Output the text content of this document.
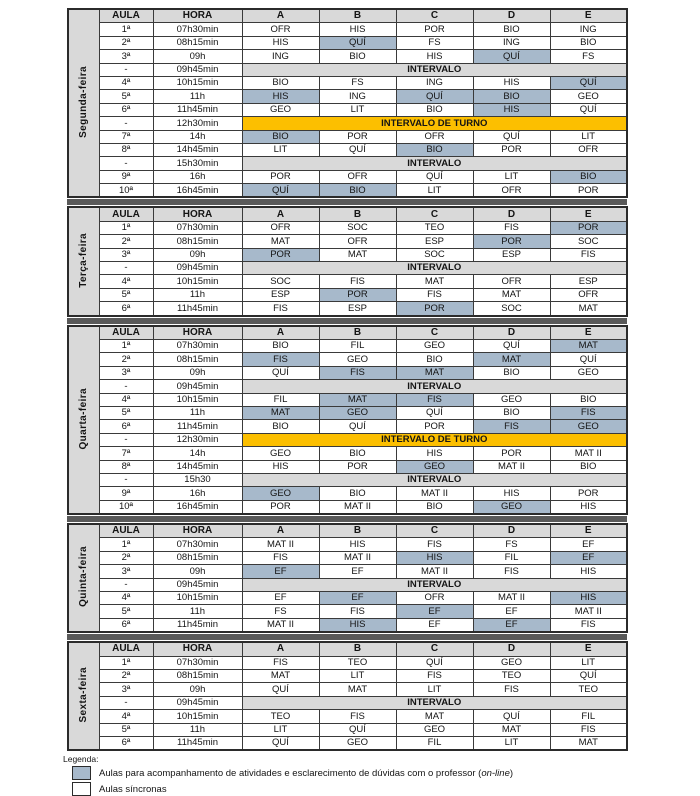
Segunda-feira	AULA	HORA	A	B	C	D	E
	1ª	07h30min	OFR	HIS	POR	BIO	ING
	2ª	08h15min	HIS	QUÍ	FS	ING	BIO
	3ª	09h	ING	BIO	HIS	QUÍ	FS
	-	09h45min	INTERVALO				
	4ª	10h15min	BIO	FS	ING	HIS	QUÍ
	5ª	11h	HIS	ING	QUÍ	BIO	GEO
	6ª	11h45min	GEO	LIT	BIO	HIS	QUÍ
	-	12h30min	INTERVALO DE TURNO				
	7ª	14h	BIO	POR	OFR	QUÍ	LIT
	8ª	14h45min	LIT	QUÍ	BIO	POR	OFR
	-	15h30min	INTERVALO				
	9ª	16h	POR	OFR	QUÍ	LIT	BIO
	10ª	16h45min	QUÍ	BIO	LIT	OFR	POR
Terça-feira	AULA	HORA	A	B	C	D	E
	1ª	07h30min	OFR	SOC	TEO	FIS	POR
	2ª	08h15min	MAT	OFR	ESP	POR	SOC
	3ª	09h	POR	MAT	SOC	ESP	FIS
	-	09h45min	INTERVALO				
	4ª	10h15min	SOC	FIS	MAT	OFR	ESP
	5ª	11h	ESP	POR	FIS	MAT	OFR
	6ª	11h45min	FIS	ESP	POR	SOC	MAT
Quarta-feira	AULA	HORA	A	B	C	D	E
	1ª	07h30min	BIO	FIL	GEO	QUÍ	MAT
	2ª	08h15min	FIS	GEO	BIO	MAT	QUÍ
	3ª	09h	QUÍ	FIS	MAT	BIO	GEO
	-	09h45min	INTERVALO				
	4ª	10h15min	FIL	MAT	FIS	GEO	BIO
	5ª	11h	MAT	GEO	QUÍ	BIO	FIS
	6ª	11h45min	BIO	QUÍ	POR	FIS	GEO
	-	12h30min	INTERVALO DE TURNO				
	7ª	14h	GEO	BIO	HIS	POR	MAT II
	8ª	14h45min	HIS	POR	GEO	MAT II	BIO
	-	15h30	INTERVALO				
	9ª	16h	GEO	BIO	MAT II	HIS	POR
	10ª	16h45min	POR	MAT II	BIO	GEO	HIS
Quinta-feira	AULA	HORA	A	B	C	D	E
	1ª	07h30min	MAT II	HIS	FIS	FS	EF
	2ª	08h15min	FIS	MAT II	HIS	FIL	EF
	3ª	09h	EF	EF	MAT II	FIS	HIS
	-	09h45min	INTERVALO				
	4ª	10h15min	EF	EF	OFR	MAT II	HIS
	5ª	11h	FS	FIS	EF	EF	MAT II
	6ª	11h45min	MAT II	HIS	EF	EF	FIS
Sexta-feira	AULA	HORA	A	B	C	D	E
	1ª	07h30min	FIS	TEO	QUÍ	GEO	LIT
	2ª	08h15min	MAT	LIT	FIS	TEO	QUÍ
	3ª	09h	QUÍ	MAT	LIT	FIS	TEO
	-	09h45min	INTERVALO				
	4ª	10h15min	TEO	FIS	MAT	QUÍ	FIL
	5ª	11h	LIT	QUÍ	GEO	MAT	FIS
	6ª	11h45min	QUÍ	GEO	FIL	LIT	MAT
Legenda:
Aulas para acompanhamento de atividades e esclarecimento de dúvidas com o professor (on-line)
Aulas síncronas
